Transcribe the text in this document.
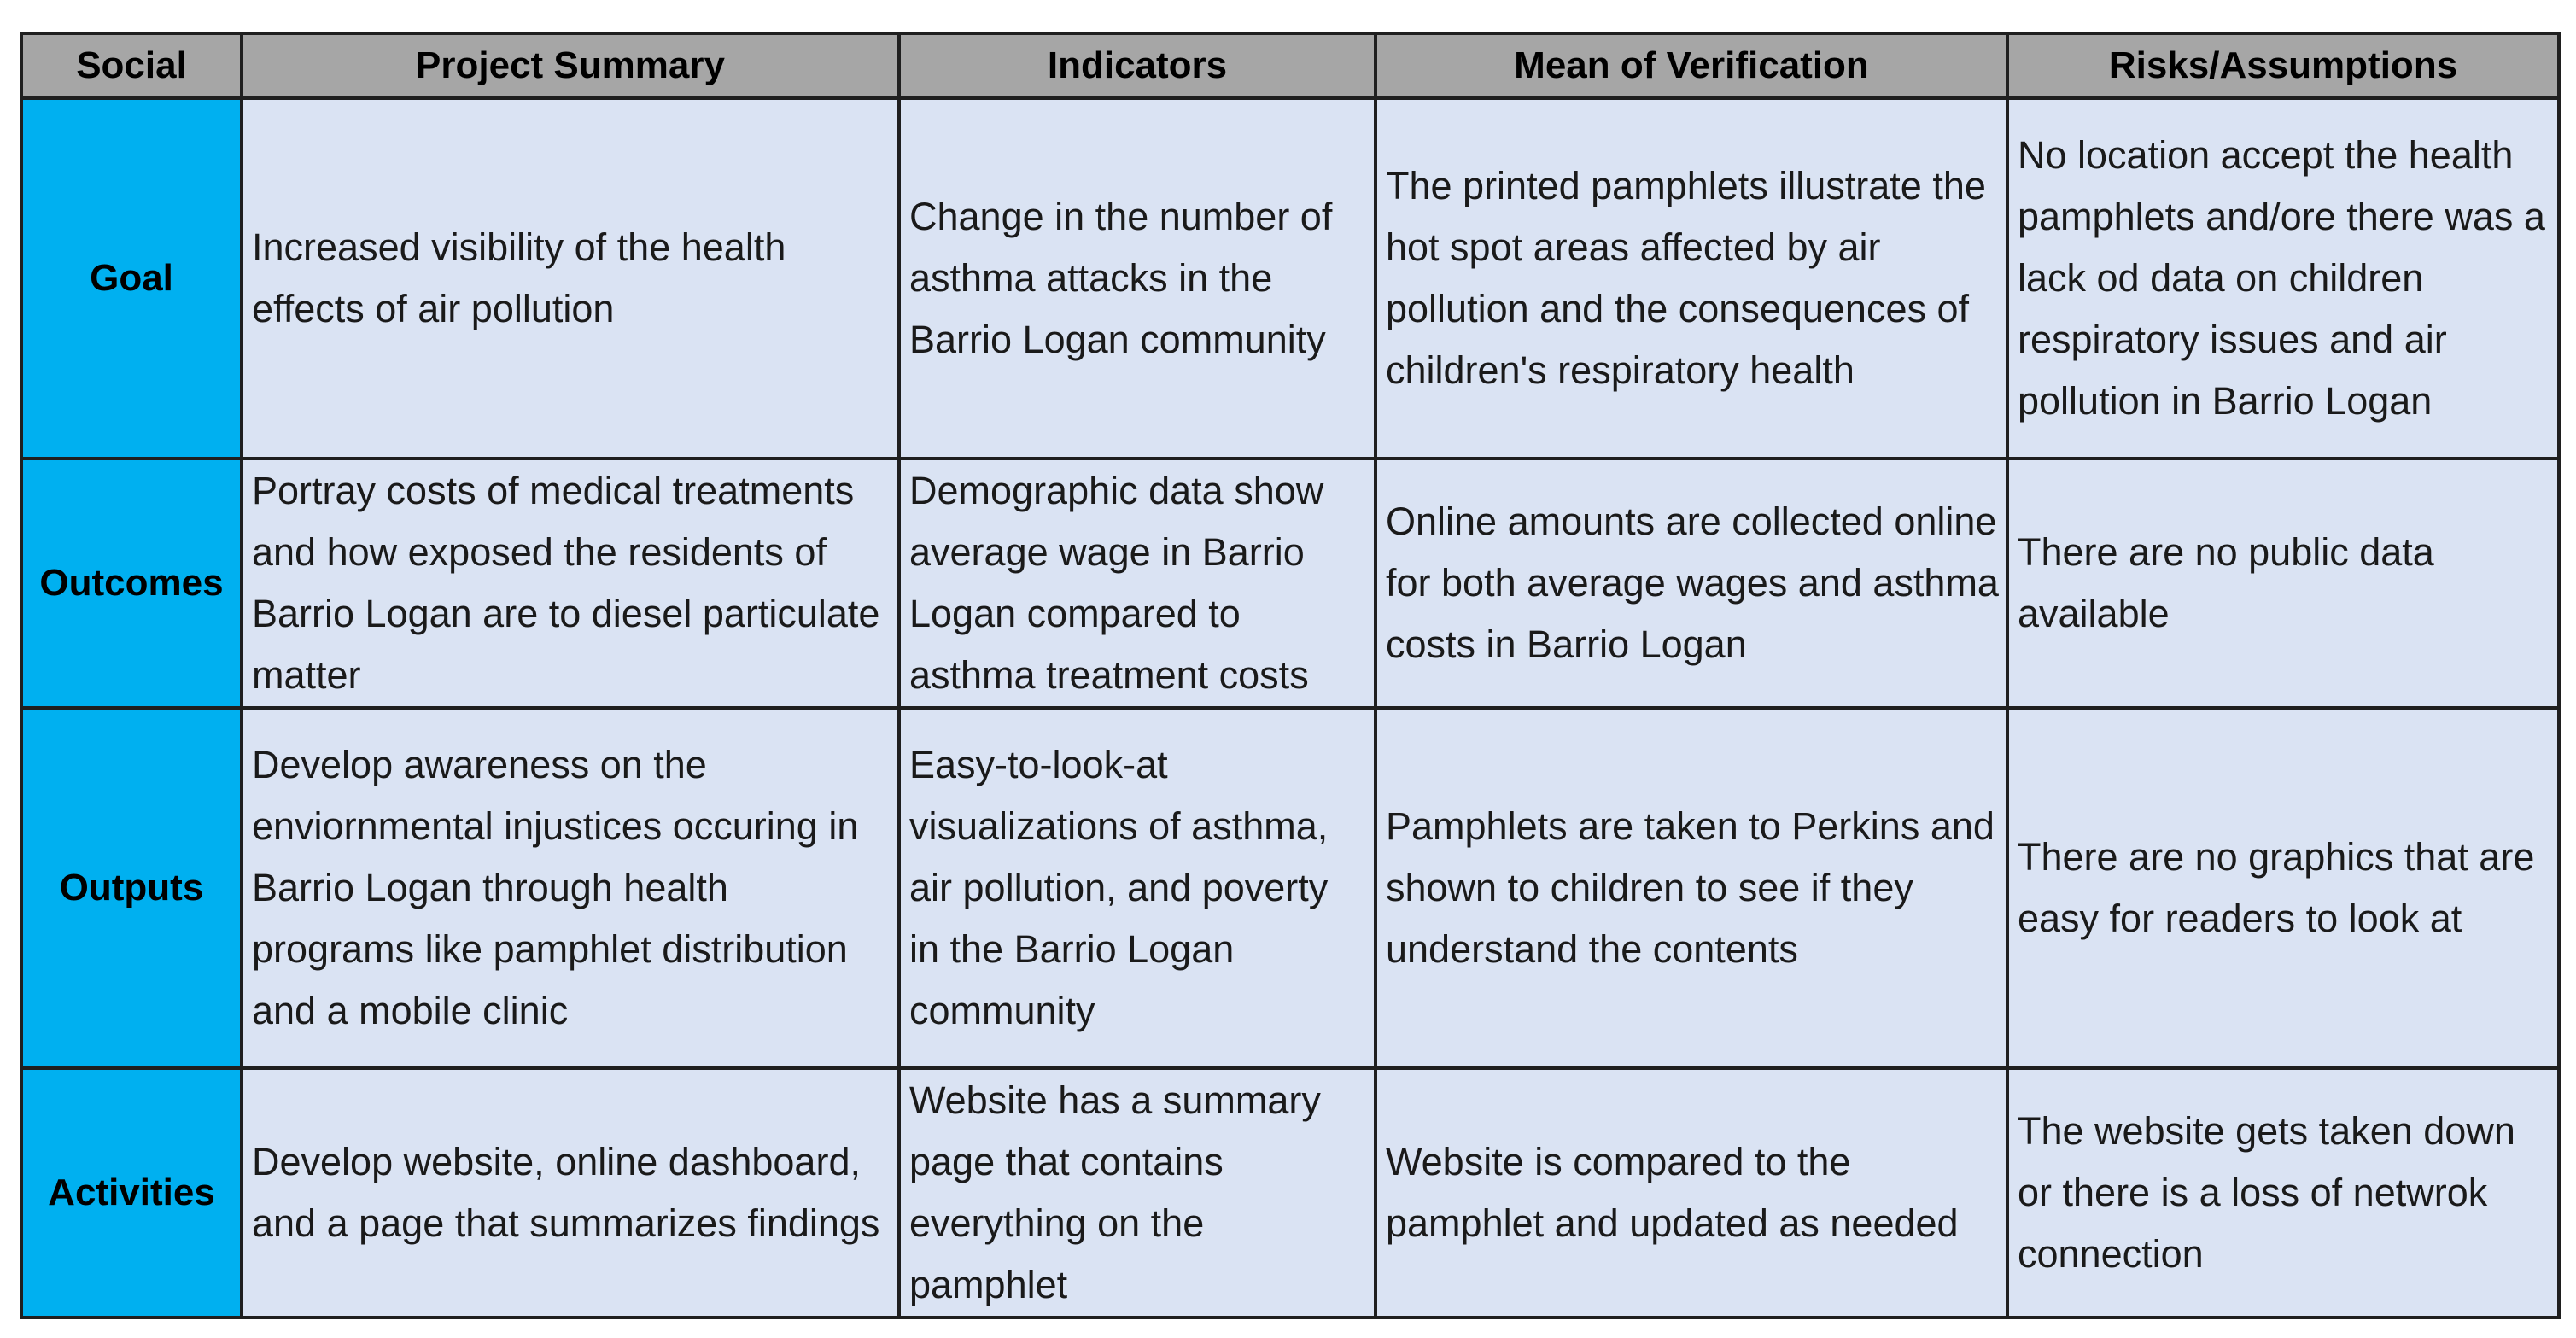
Social	Project Summary	Indicators	Mean of Verification	Risks/Assumptions
Goal	Increased visibility of the health effects of air pollution	Change in the number of asthma attacks in the Barrio Logan community	The printed pamphlets illustrate the hot spot areas affected by air pollution and the consequences of children's respiratory health	No location accept the health pamphlets and/ore there was a lack od data on children respiratory issues and air pollution in Barrio Logan
Outcomes	Portray costs of medical treatments and how exposed the residents of Barrio Logan are to diesel particulate matter	Demographic data show average wage in Barrio Logan compared to asthma treatment costs	Online amounts are collected online for both average wages and asthma costs in Barrio Logan	There are no public data available
Outputs	Develop awareness on the enviornmental injustices occuring in Barrio Logan through health programs like pamphlet distribution and a mobile clinic	Easy-to-look-at visualizations of asthma, air pollution, and poverty in the Barrio Logan community	Pamphlets are taken to Perkins and shown to children to see if they understand the contents	There are no graphics that are easy for readers to look at
Activities	Develop website, online dashboard, and a page that summarizes findings	Website has a summary page that contains everything on the pamphlet	Website is compared to the pamphlet and updated as needed	The website gets taken down or there is a loss of netwrok connection
